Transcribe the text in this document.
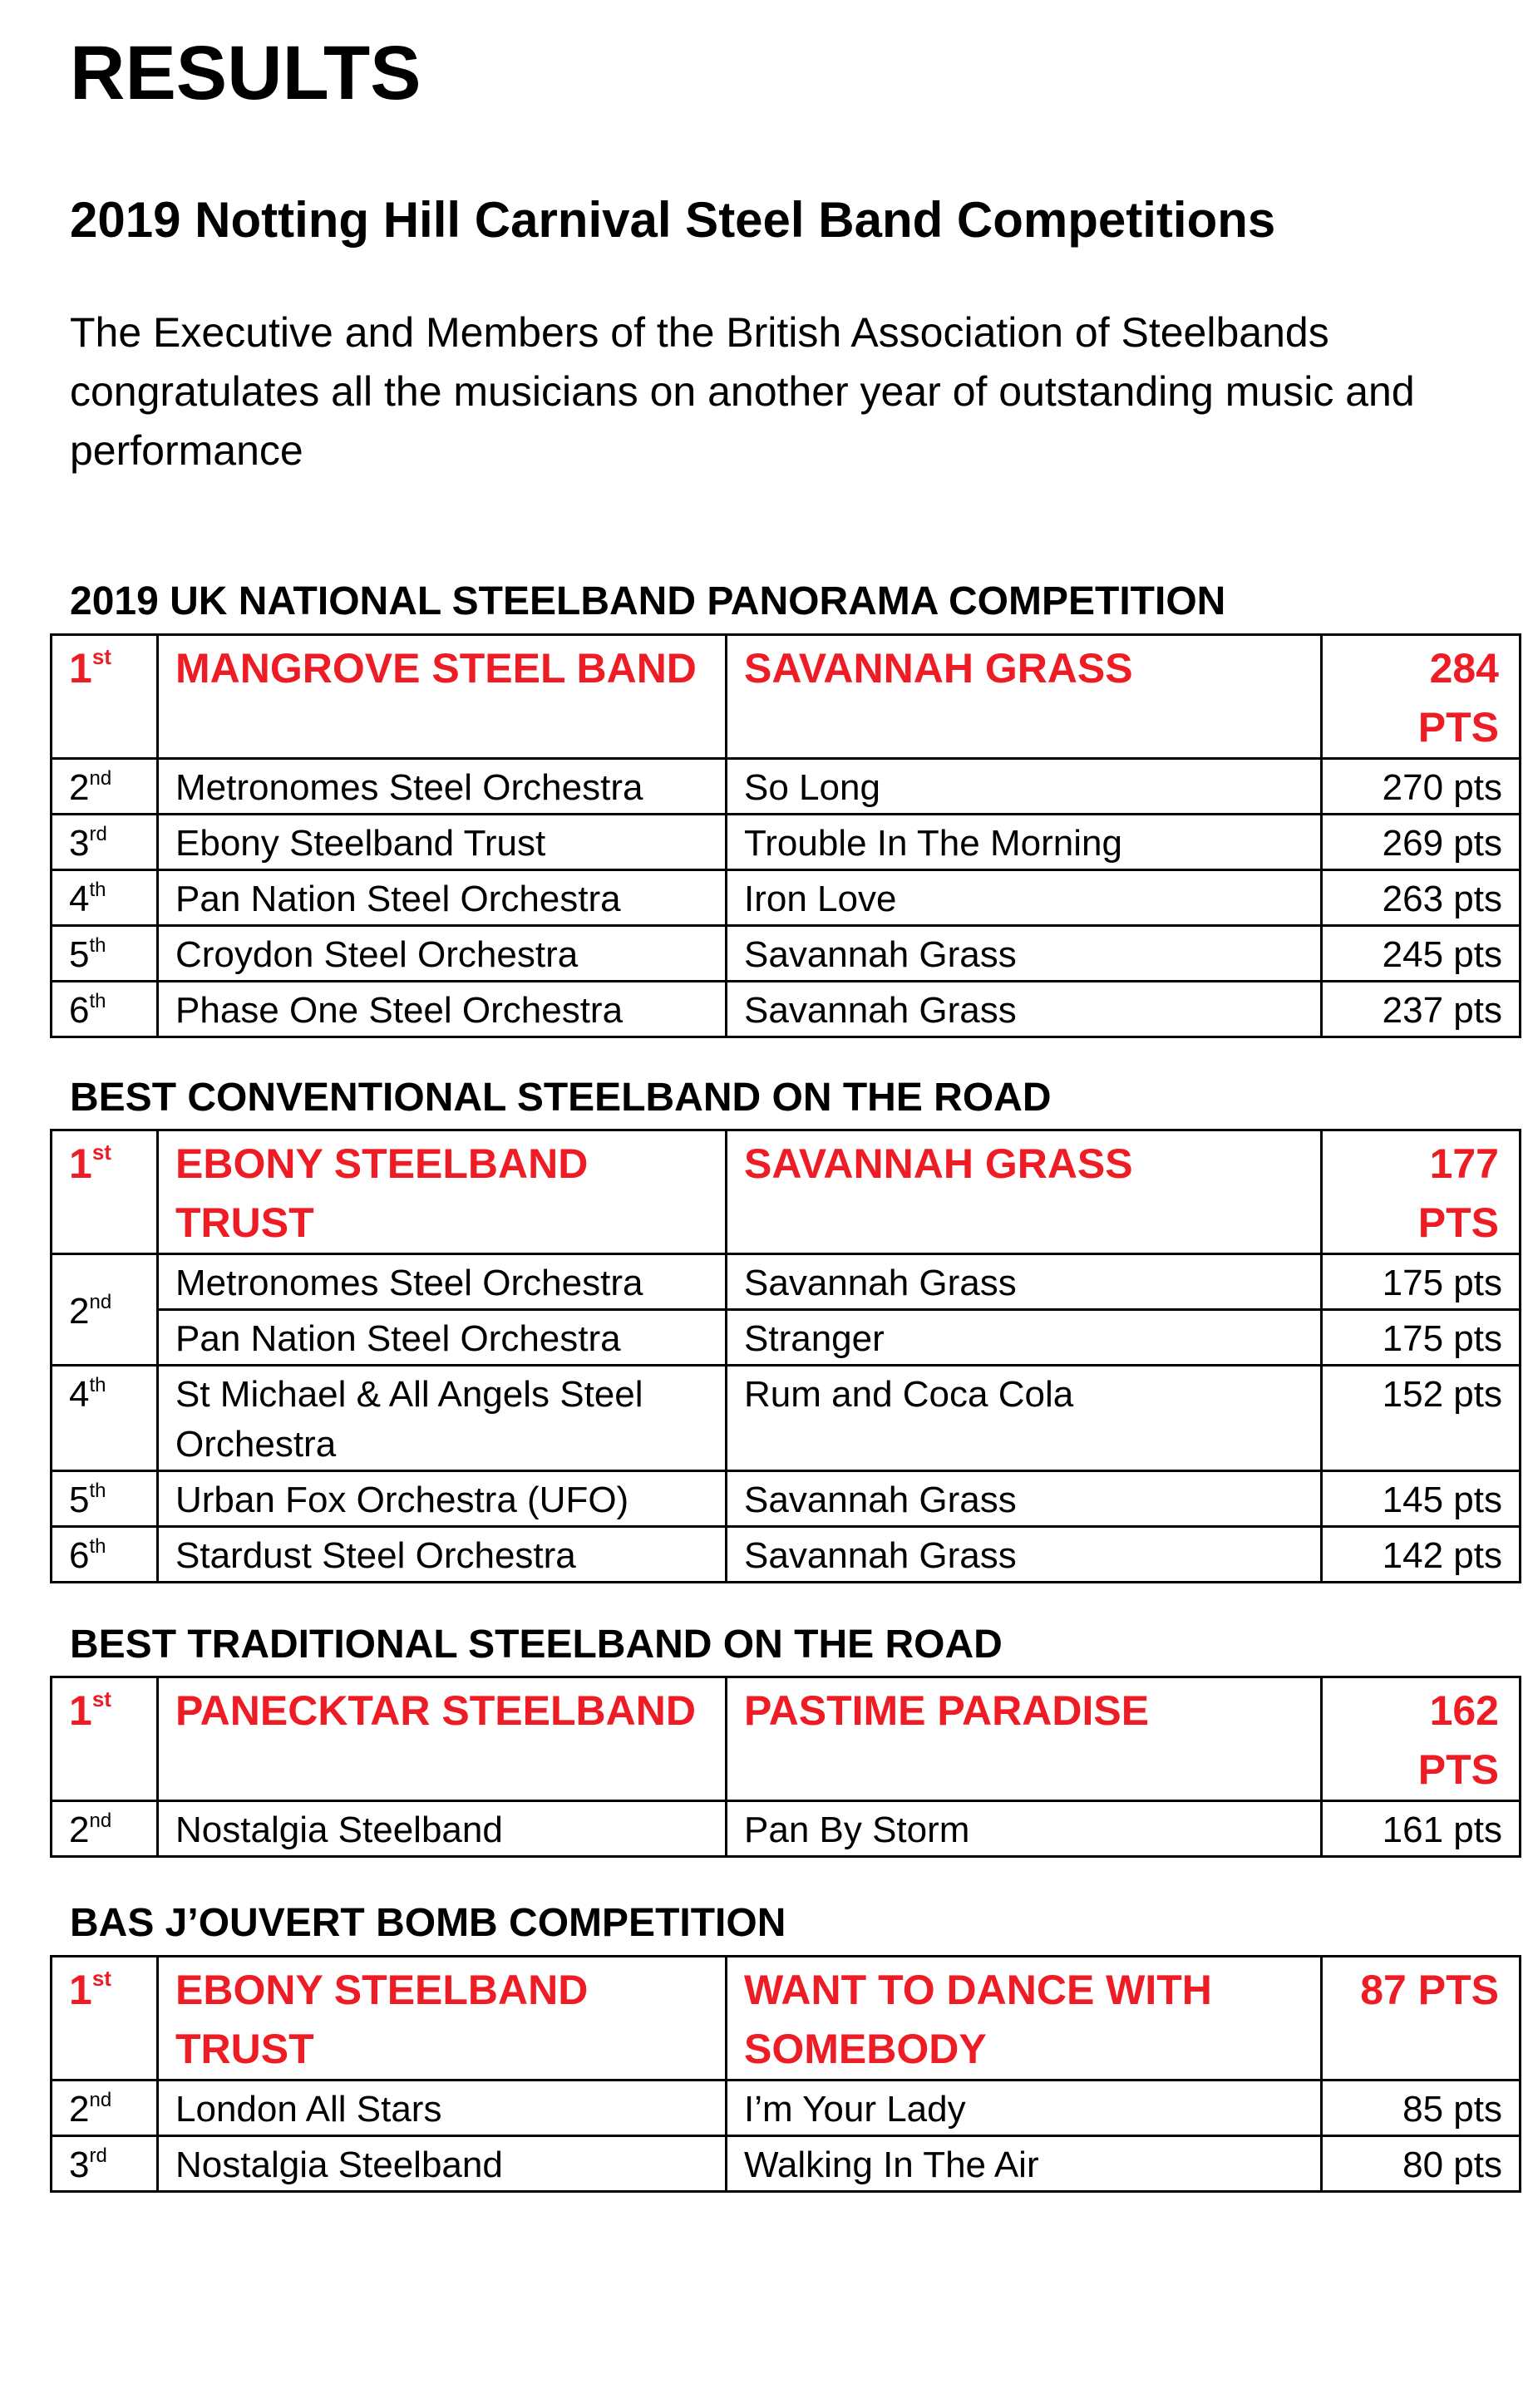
RESULTS
2019 Notting Hill Carnival Steel Band Competitions

The Executive and Members of the British Association of Steelbands congratulates all the musicians on another year of outstanding music and performance

2019 UK NATIONAL STEELBAND PANORAMA COMPETITION
1st	MANGROVE STEEL BAND	SAVANNAH GRASS	284 PTS
2nd	Metronomes Steel Orchestra	So Long	270 pts
3rd	Ebony Steelband Trust	Trouble In The Morning	269 pts
4th	Pan Nation Steel Orchestra	Iron Love	263 pts
5th	Croydon Steel Orchestra	Savannah Grass	245 pts
6th	Phase One Steel Orchestra	Savannah Grass	237 pts
BEST CONVENTIONAL STEELBAND ON THE ROAD
1st	EBONY STEELBAND TRUST	SAVANNAH GRASS	177 PTS
2nd	Metronomes Steel Orchestra	Savannah Grass	175 pts
	Pan Nation Steel Orchestra	Stranger	175 pts
4th	St Michael & All Angels Steel Orchestra	Rum and Coca Cola	152 pts
5th	Urban Fox Orchestra (UFO)	Savannah Grass	145 pts
6th	Stardust Steel Orchestra	Savannah Grass	142 pts
BEST TRADITIONAL STEELBAND ON THE ROAD
1st	PANECKTAR STEELBAND	PASTIME PARADISE	162 PTS
2nd	Nostalgia Steelband	Pan By Storm	161 pts
BAS J’OUVERT BOMB COMPETITION
1st	EBONY STEELBAND TRUST	WANT TO DANCE WITH SOMEBODY	87 PTS
2nd	London All Stars	I’m Your Lady	85 pts
3rd	Nostalgia Steelband	Walking In The Air	80 pts
